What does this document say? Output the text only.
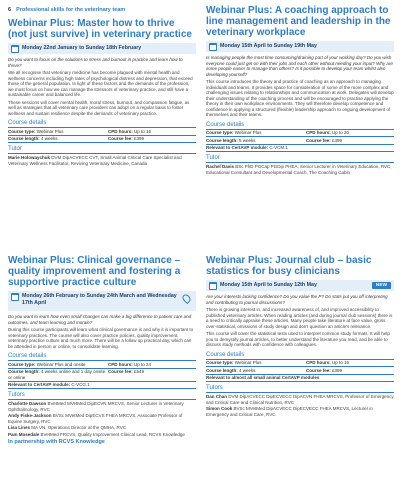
6 Professional skills for the veterinary team
Webinar Plus: Master how to thrive (not just survive) in veterinary practice
Monday 22nd January to Sunday 18th February
Do you want to focus on the solutions to stress and burnout in practice and learn how to thrive?
We all recognise that veterinary medicine has become plagued with mental health and wellness concerns including high rates of psychological distress and depression, that exceed those of the general population. In light of these factors and the demands of the profession, we must focus on how we can manage the stressors of veterinary practice, and still have a sustainable career and balanced life.
These sessions will cover mental health, moral stress, burnout, and compassion fatigue, as well as strategies that all veterinary care providers can adopt on a regular basis to foster wellness and sustain resilience despite the demands of veterinary practice.
Course details
Course type: Webinar Plus	CPD hours: Up to 16
Course length: 4 weeks	Course fee: £399
Tutor
Marie Holowaychuk DVM DipACVECC CVT, Small Animal Critical Care Specialist and Veterinary Wellness Facilitator, Reviving Veterinary Medicine, Canada
Webinar Plus: A coaching approach to line management and leadership in the veterinary workplace
Monday 15th April to Sunday 19th May
Is managing people the most time consuming/draining part of your working day? Do you wish everyone could just get on with their jobs and each other without needing your input? Why are some people easier to manage than others? Is it possible to develop your team whilst also developing yourself?
This course introduces the theory and practice of coaching as an approach to managing individuals and teams. It provides space for consideration of some of the more complex and challenging issues relating to relationships and communication at work. Delegates will develop their understanding of the coaching process and will be encouraged to practise applying the theory in their own workplace environments. They will therefore develop competence and confidence in applying a structured (flexible) leadership approach to ongoing development of themselves and their teams.
Course details
Course type: Webinar Plus	CPD hours: Up to 20
Course length: 5 weeks	Course fee: £499
Relevant to CertAVP module: C-VCM.1
Tutor
Rachel Davis BSc PhD PGCap PGDip PHEA, Senior Lecturer in Veterinary Education, RVC, Educational Consultant and Developmental Coach, The Coaching Cabin
Webinar Plus: Clinical governance – quality improvement and fostering a supportive practice culture
Monday 26th February to Sunday 24th March and Wednesday 17th April
Do you want to learn how even small changes can make a big difference to patient care and outcomes, and team learning and morale?
During this course participants will learn what clinical governance is and why it is important to veterinary practices. The course will also cover practice policies, quality improvement, veterinary practice culture and much more. There will be a follow up practical day, which can be attended in person or online, to consolidate learning.
Course details
Course type: Webinar Plus and onsite	CPD hours: Up to 24
Course length: 4 weeks online and 1 day onsite or online
Course fee: £549
Relevant to CertAVP module: C-VCG.1
Tutors
Charlotte Dawson BVetMed MVetMed DipECVN MRCVS, Senior Lecturer in Veterinary Ophthalmology, RVC
Andy Fiske-Jackson BVSc MVetMed DipECVS FHEA MRCVS, Associate Professor of Equine Surgery, RVC
Lisa Lines MA VN, Operations Director at the QMHA, RVC
Pam Mosedale BVetMed FRCVS, Quality Improvement Clinical Lead, RCVS Knowledge
In partnership with RCVS Knowledge
Webinar Plus: Journal club – basic statistics for busy clinicians
Monday 15th April to Sunday 12th May	NEW
Are your interests lacking confidence? Do you value the P? Do stats put you off interpreting and contributing to journal discussions?
There is growing interest in, and increased awareness of, and improved accessibility to published veterinary articles. When reading articles (and during journal club sessions) there is a need to critically appraise these articles. Many people take literature at face value, gross over-statistical, omissions of study design and don't question an article's relevance.
This course will cover the statistical tests used to interpret common study formats. It will help you to demystify journal articles, to better understand the literature you read, and be able to discuss study methods with confidence with colleagues.
Course details
Course type: Webinar Plus	CPD hours: Up to 16
Course length: 4 weeks	Course fee: £399
Relevant to almost all small animal CertAVP modules
Tutors
Dan Chan DVM DipACVECC DipECVECC DipACVN FHEA MRCVS, Professor of Emergency and Critical Care and Clinical Nutrition, RVC
Simon Cook BVSc MVetMed DipACVECC DipECVECC FHEA MRCVS, Lecturer in Emergency and Critical Care, RVC
